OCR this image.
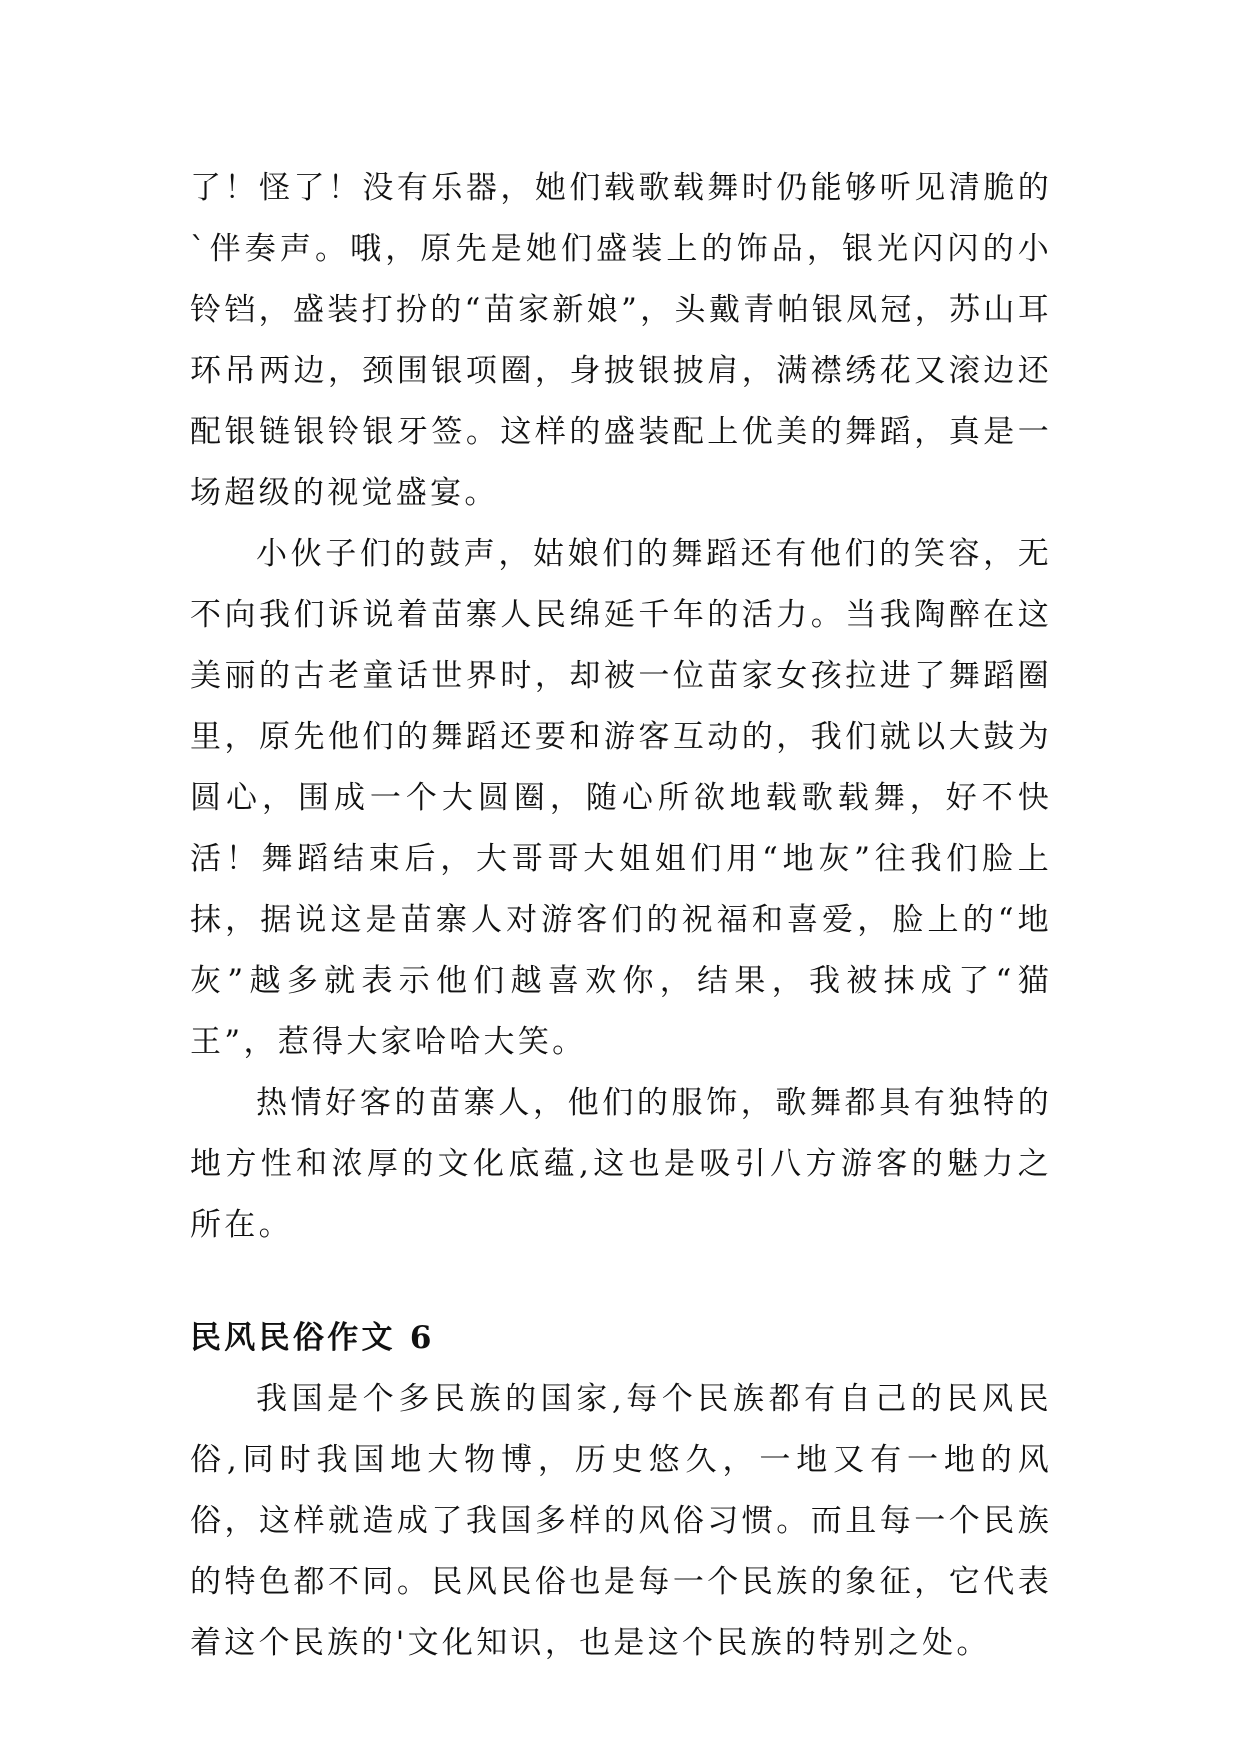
了！怪了！没有乐器，她们载歌载舞时仍能够听见清脆的`伴奏声。哦，原先是她们盛装上的饰品，银光闪闪的小铃铛，盛装打扮的“苗家新娘”，头戴青帕银凤冠，苏山耳环吊两边，颈围银项圈，身披银披肩，满襟绣花又滚边还配银链银铃银牙签。这样的盛装配上优美的舞蹈，真是一场超级的视觉盛宴。

小伙子们的鼓声，姑娘们的舞蹈还有他们的笑容，无不向我们诉说着苗寨人民绵延千年的活力。当我陶醉在这美丽的古老童话世界时，却被一位苗家女孩拉进了舞蹈圈里，原先他们的舞蹈还要和游客互动的，我们就以大鼓为圆心，围成一个大圆圈，随心所欲地载歌载舞，好不快活！舞蹈结束后，大哥哥大姐姐们用“地灰”往我们脸上抹，据说这是苗寨人对游客们的祝福和喜爱，脸上的“地灰”越多就表示他们越喜欢你，结果，我被抹成了“猫王”，惹得大家哈哈大笑。

热情好客的苗寨人，他们的服饰，歌舞都具有独特的地方性和浓厚的文化底蕴,这也是吸引八方游客的魅力之所在。

民风民俗作文 6

我国是个多民族的国家,每个民族都有自己的民风民俗,同时我国地大物博，历史悠久，一地又有一地的风俗，这样就造成了我国多样的风俗习惯。而且每一个民族的特色都不同。民风民俗也是每一个民族的象征，它代表着这个民族的'文化知识，也是这个民族的特别之处。
